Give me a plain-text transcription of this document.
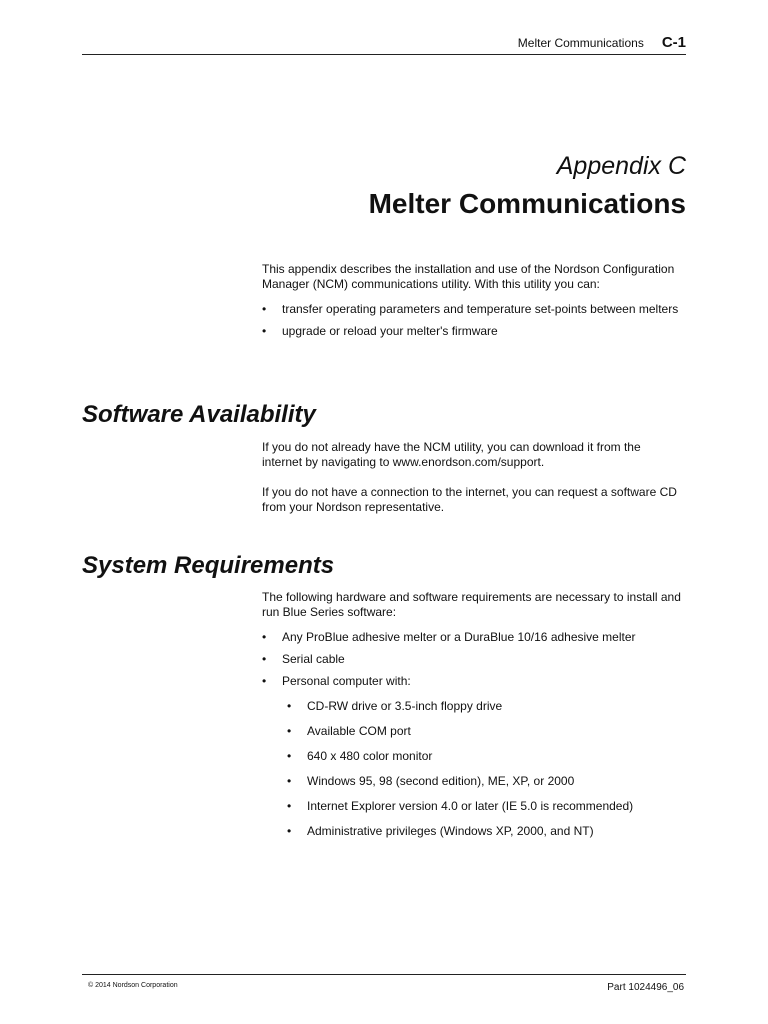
Melter Communications C-1
Appendix C
Melter Communications

This appendix describes the installation and use of the Nordson Configuration Manager (NCM) communications utility. With this utility you can:

• transfer operating parameters and temperature set-points between melters
• upgrade or reload your melter's firmware
Software Availability

If you do not already have the NCM utility, you can download it from the internet by navigating to www.enordson.com/support.

If you do not have a connection to the internet, you can request a software CD from your Nordson representative.

System Requirements

The following hardware and software requirements are necessary to install and run Blue Series software:

• Any ProBlue adhesive melter or a DuraBlue 10/16 adhesive melter
• Serial cable
• Personal computer with:
• CD-RW drive or 3.5-inch floppy drive
• Available COM port
• 640 x 480 color monitor
• Windows 95, 98 (second edition), ME, XP, or 2000
• Internet Explorer version 4.0 or later (IE 5.0 is recommended)
• Administrative privileges (Windows XP, 2000, and NT)
© 2014 Nordson Corporation	Part 1024496_06
